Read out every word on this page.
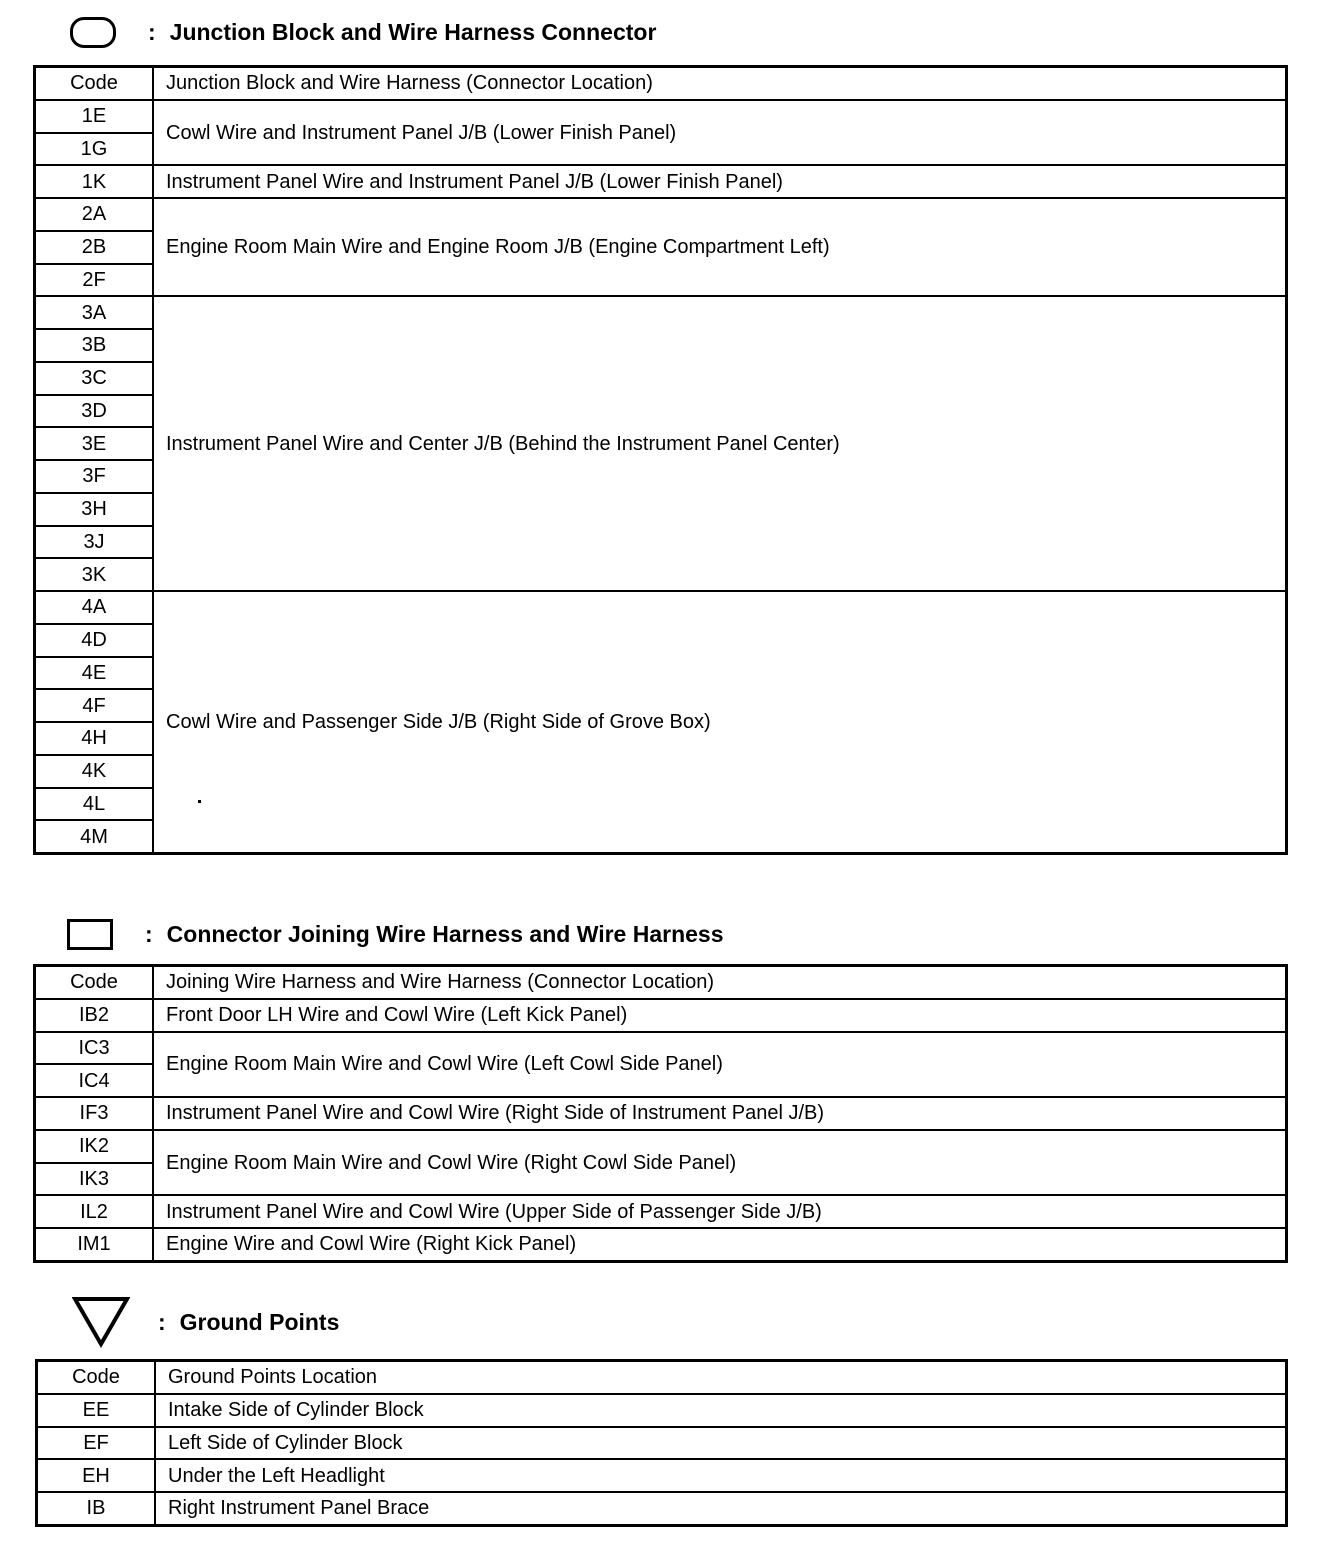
: Junction Block and Wire Harness Connector
Code	Junction Block and Wire Harness (Connector Location)
1E	Cowl Wire and Instrument Panel J/B (Lower Finish Panel)
1G	
1K	Instrument Panel Wire and Instrument Panel J/B (Lower Finish Panel)
2A	Engine Room Main Wire and Engine Room J/B (Engine Compartment Left)
2B	
2F	
3A	Instrument Panel Wire and Center J/B (Behind the Instrument Panel Center)
3B	
3C	
3D	
3E	
3F	
3H	
3J	
3K	
4A	Cowl Wire and Passenger Side J/B (Right Side of Grove Box)
4D	
4E	
4F	
4H	
4K	
4L	
4M	
: Connector Joining Wire Harness and Wire Harness
Code	Joining Wire Harness and Wire Harness (Connector Location)
IB2	Front Door LH Wire and Cowl Wire (Left Kick Panel)
IC3	Engine Room Main Wire and Cowl Wire (Left Cowl Side Panel)
IC4	
IF3	Instrument Panel Wire and Cowl Wire (Right Side of Instrument Panel J/B)
IK2	Engine Room Main Wire and Cowl Wire (Right Cowl Side Panel)
IK3	
IL2	Instrument Panel Wire and Cowl Wire (Upper Side of Passenger Side J/B)
IM1	Engine Wire and Cowl Wire (Right Kick Panel)
: Ground Points
Code	Ground Points Location
EE	Intake Side of Cylinder Block
EF	Left Side of Cylinder Block
EH	Under the Left Headlight
IB	Right Instrument Panel Brace
